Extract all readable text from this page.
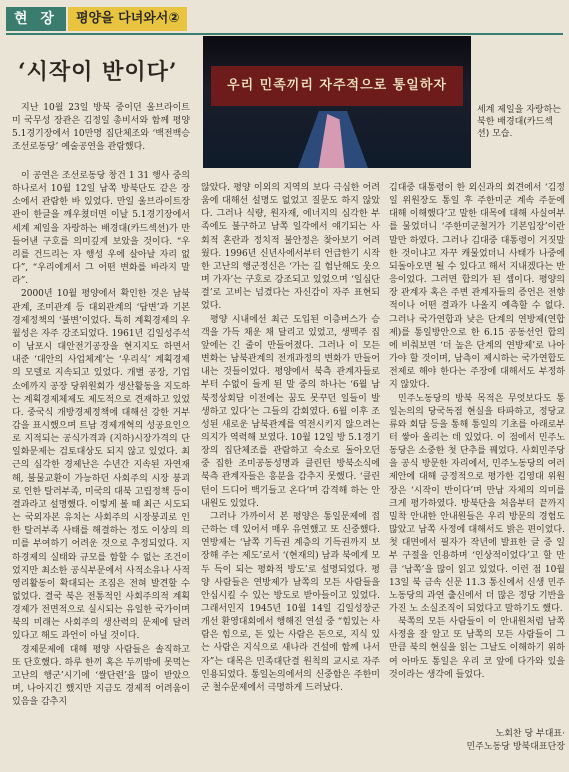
현 장	평양을 다녀와서②
‘시작이 반이다’
우리 민족끼리 자주적으로 통일하자
세계 제일을 자랑하는 북한 배경대(카드섹션) 모습.

지난 10월 23일 방북 중이던 울브라이트 미 국무성 장관은 김정일 총비서와 함께 평양 5.1경기장에서 10만명 집단체조와 ‘백전백승 조선로동당’ 예술공연을 관람했다.

이 공연은 조선로동당 창건 1 31 행사 중의 하나로서 10월 12일 남쪽 방북단도 같은 장소에서 관람한 바 있었다. 만일 울브라이트장관이 한글을 깨우쳤더면 이날 5.1경기장에서 세계 제일을 자랑하는 배경대(카드섹션)가 만들어낸 구호를 의미깊게 보았을 것이다. “우리를 건드리는 자 행성 우에 살아날 자리 없다”, “우리에게서 그 어떤 변화를 바라지 말라”.

2000년 10월 평양에서 확인한 것은 남북관계, 조미관계 등 대외관계의 ‘답변’과 기본 경제정책의 ‘불변’이었다. 특히 계획경제의 우월성은 자주 강조되었다. 1961년 김일성주석이 남포시 대안전기공장을 현지지도 하면서 내준 ‘대안의 사업체계’는 ‘우리식’ 계획경제의 모델로 지속되고 있었다. 개별 공장, 기업소에까지 공장 당위원회가 생산활동을 지도하는 계획경제체제도 제도적으로 견재하고 있었다. 중국식 개방경제정책에 대해선 강한 거부감을 표시했으며 트남 경제개혁의 성공요인으로 지적되는 공식가격과 (지하)시장가격의 단일화문제는 검토대상도 되지 않고 있었다. 최근의 심각한 경제난은 수년간 지속된 자연재해, 불물교환이 가능하던 사회주의 시장 붕괴로 인한 탈러부족, 미국의 대북 고립정책 등이 결과라고 설명했다. 이렇게 볼 때 최근 시도되는 국외자본 유치는 사회주의 시장붕괴로 인한 탈러부족 사태를 해결하는 정도 이상의 의미를 부여하기 어려운 것으로 추정되었다. 지하경제의 실태와 규모를 함할 수 없는 조건이었지만 최소한 공식부문에서 사적소유나 사적 영리활동이 확대되는 조짐은 전혀 발견할 수 없었다. 결국 북은 전통적인 사회주의적 계획경제가 전면적으로 실시되는 유일한 국가이며 북의 미래는 사회주의 생산력의 문제에 달려 있다고 해도 과언이 아닐 것이다.

경제문제에 대해 평양 사람들은 솔직하고 또 단호했다. 하루 한끼 혹은 두끼밖에 못먹는 고난의 행군’시기에 ‘쌀단련’을 많이 받았으며, 나아지긴 했지만 지금도 경제적 어려움이 있음을 감추지

않았다. 평양 이외의 지역의 보다 극심한 어려움에 대해선 설명도 없었고 질문도 하지 않았다. 그러나 식량, 원자재, 에너지의 심각한 부족에도 불구하고 남쪽 일각에서 얘기되는 사회적 혼란과 정치적 불안정은 찾아보기 어려웠다. 1996년 신년사에서부터 언급한기 시작한 고난의 행군정신은 ‘가는 길 험난해도 웃으며 가자’는 구호로 강조되고 있었으며 ‘일심단결’로 고비는 넘겼다는 자신감이 자주 표현되었다.

평양 시내에선 최근 도입된 이층버스가 승객을 가득 채운 채 달리고 있었고, 생맥주 집 앞에는 긴 줄이 만들어졌다. 그러나 이 모든 변화는 남북관계의 전개과정의 변화가 만들어내는 것들이었다. 평양에서 북측 관계자들로부터 수없이 들게 된 말 중의 하나는 ‘6월 남북정상회담 이전에는 꿈도 못꾸던 일들이 발생하고 있다’는 그들의 감회였다. 6월 이후 조성된 새로운 남북관계를 역전시키지 않으려는 의지가 역력해 보였다. 10월 12일 방 5.1경기장의 집단체조를 관람하고 숙소로 돌아오던 중 집한 조미공동성명과 클린턴 방북소식에 북측 관계자들은 흥분을 감추지 못했다. ‘클린턴이 드디어 백기들고 온다’며 감격해 하는 안내원도 있었다.

그러나 가까이서 본 평양은 통일문제에 접근하는 데 있어서 매우 유연했고 또 신중했다. 연방제는 ‘남쪽 기득권 계층의 기득권까지 보장해 주는 제도’로서 ‘(현재의) 남과 북에게 모두 득이 되는 평화적 방도’로 설명되었다. 평양 사람들은 연방제가 남쪽의 모든 사람들을 안심시킬 수 있는 방도로 받아들이고 있었다. 그래서인지 1945년 10월 14일 김일성장군 개선 환영대회에서 행해진 연설 중 “힘있는 사람은 힘으로, 돈 있는 사람은 돈으로, 지식 있는 사람은 지식으로 새나라 건설에 함께 나서자”는 대목은 민족대단결 원칙의 교시로 자주 인용되었다. 통일논의에서의 신중함은 주한미군 철수문제에서 극명하게 드러났다.

김대중 대통령이 한 외신과의 회견에서 ‘김정일 위원장도 통일 후 주한미군 계속 주둔에 대해 이해했다’고 말한 대목에 대해 사실여부를 물었더니 ‘주한미군철거가 기본입장’이란 말만 하였다. 그러나 김대중 대통령이 거짓말 한 것이냐고 자꾸 캐물었더니 사태가 나중에 되돌아오면 될 수 있다고 해서 지내겠다는 반응이었다. 그러면 합의가 된 셈이다. 평양의 장 관계자 혹은 주변 관계자들의 증언은 전향적이나 어떤 결과가 나올지 예측할 수 없다. 그러나 국가연합과 낮은 단계의 연방제(연합제)를 통일방안으로 한 6.15 공동선언 합의에 비춰보면 ‘더 높은 단계의 연방제’로 나아가야 할 것이며, 남측이 제시하는 국가연합도 전제로 해야 한다는 주장에 대해서도 부정하지 않았다.

민주노동당의 방북 목적은 무엇보다도 통일논의의 당국독점 현실을 타파하고, 정당교류와 회담 등을 통해 통일의 기초를 아래로부터 쌓아 올리는 데 있었다. 이 점에서 민주노동당은 소중한 첫 단추를 꿰었다. 사회민주당을 공식 방문한 자리에서, 민주노동당의 여러 제안에 대해 긍정적으로 평가한 김영대 위원장은 ‘시작이 반이다’며 만남 자체의 의미를 크게 평가하였다. 방북단을 처음부터 끝까지 밀착 안내한 안내원들은 우리 방문의 경험도 많았고 남쪽 사정에 대해서도 밝은 편이었다. 첫 대면에서 필자가 작년에 발표한 글 중 일부 구절을 인용하며 ‘인상적이었다’고 할 만큼 ‘남쪽’을 많이 읽고 있었다. 이런 점 10월 13일 북 금속 신문 11.3 통신에서 신생 민주노동당의 과연 출신에서 더 많은 정당 기반을 가진 노 소실조직이 되었다고 말하기도 했다.

북쪽의 모든 사람들이 이 안내원처럼 남쪽 사정을 잘 알고 또 남쪽의 모든 사람들이 그만큼 북의 현실을 읽는 그날도 이해하기 위하여 아마도 통일은 우리 코 앞에 다가와 있을 것이라는 생각에 들었다.

노회찬 당 부대표·
민주노동당 방북대표단장
